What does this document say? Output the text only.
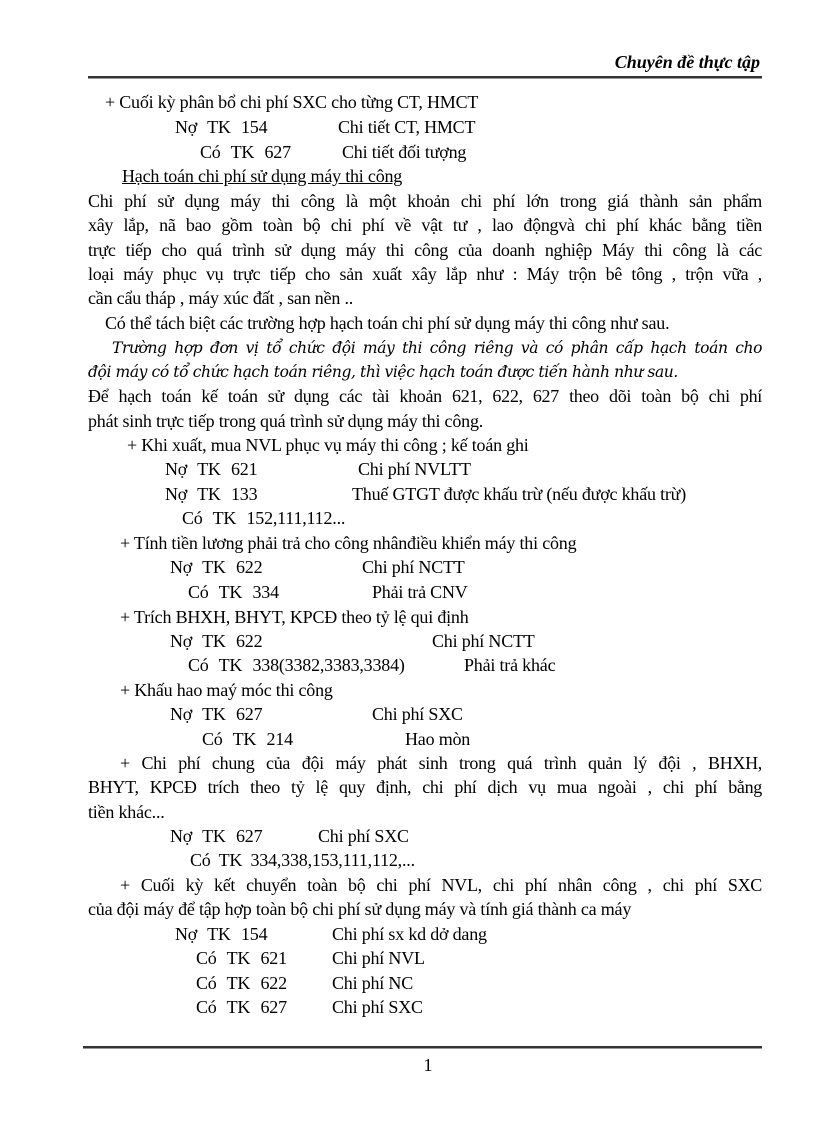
Chuyên đề thực tập
+ Cuối kỳ phân bổ chi phí SXC cho từng CT, HMCT
Nợ TK 154	Chi tiết CT, HMCT
Có TK 627	Chi tiết đối tượng
Hạch toán chi phí sử dụng máy thi công
Chi phí sử dụng máy thi công là một khoản chi phí lớn trong giá thành sản phẩm
xây lắp, nã bao gồm toàn bộ chi phí về vật tư , lao độngvà chi phí khác bằng tiền
trực tiếp cho quá trình sử dụng máy thi công của doanh nghiệp Máy thi công là các
loại máy phục vụ trực tiếp cho sản xuất xây lắp như : Máy trộn bê tông , trộn vữa ,
cần cẩu tháp , máy xúc đất , san nền ..
Có thể tách biệt các trường hợp hạch toán chi phí sử dụng máy thi công như sau.
Trường hợp đơn vị tổ chức đội máy thi công riêng và có phân cấp hạch toán cho
đội máy có tổ chức hạch toán riêng, thì việc hạch toán được tiến hành như sau.
Để hạch toán kế toán sử dụng các tài khoản 621, 622, 627 theo dõi toàn bộ chi phí
phát sinh trực tiếp trong quá trình sử dụng máy thi công.
+ Khi xuất, mua NVL phục vụ máy thi công ; kế toán ghi
Nợ TK 621	Chi phí NVLTT
Nợ TK 133	Thuế GTGT được khấu trừ (nếu được khấu trừ)
Có TK 152,111,112...
+ Tính tiền lương phải trả cho công nhânđiều khiển máy thi công
Nợ TK 622	Chi phí NCTT
Có TK 334	Phải trả CNV
+ Trích BHXH, BHYT, KPCĐ theo tỷ lệ qui định
Nợ TK 622	Chi phí NCTT
Có TK 338(3382,3383,3384)	Phải trả khác
+ Khấu hao maý móc thi công
Nợ TK 627	Chi phí SXC
Có TK 214	Hao mòn
+ Chi phí chung của đội máy phát sinh trong quá trình quản lý đội , BHXH,
BHYT, KPCĐ trích theo tỷ lệ quy định, chi phí dịch vụ mua ngoài , chi phí bằng
tiền khác...
Nợ TK 627	Chi phí SXC
Có TK 334,338,153,111,112,...
+ Cuối kỳ kết chuyển toàn bộ chi phí NVL, chi phí nhân công , chi phí SXC
của đội máy để tập hợp toàn bộ chi phí sử dụng máy và tính giá thành ca máy
Nợ TK 154	Chi phí sx kd dở dang
Có TK 621	Chi phí NVL
Có TK 622	Chi phí NC
Có TK 627	Chi phí SXC
1
